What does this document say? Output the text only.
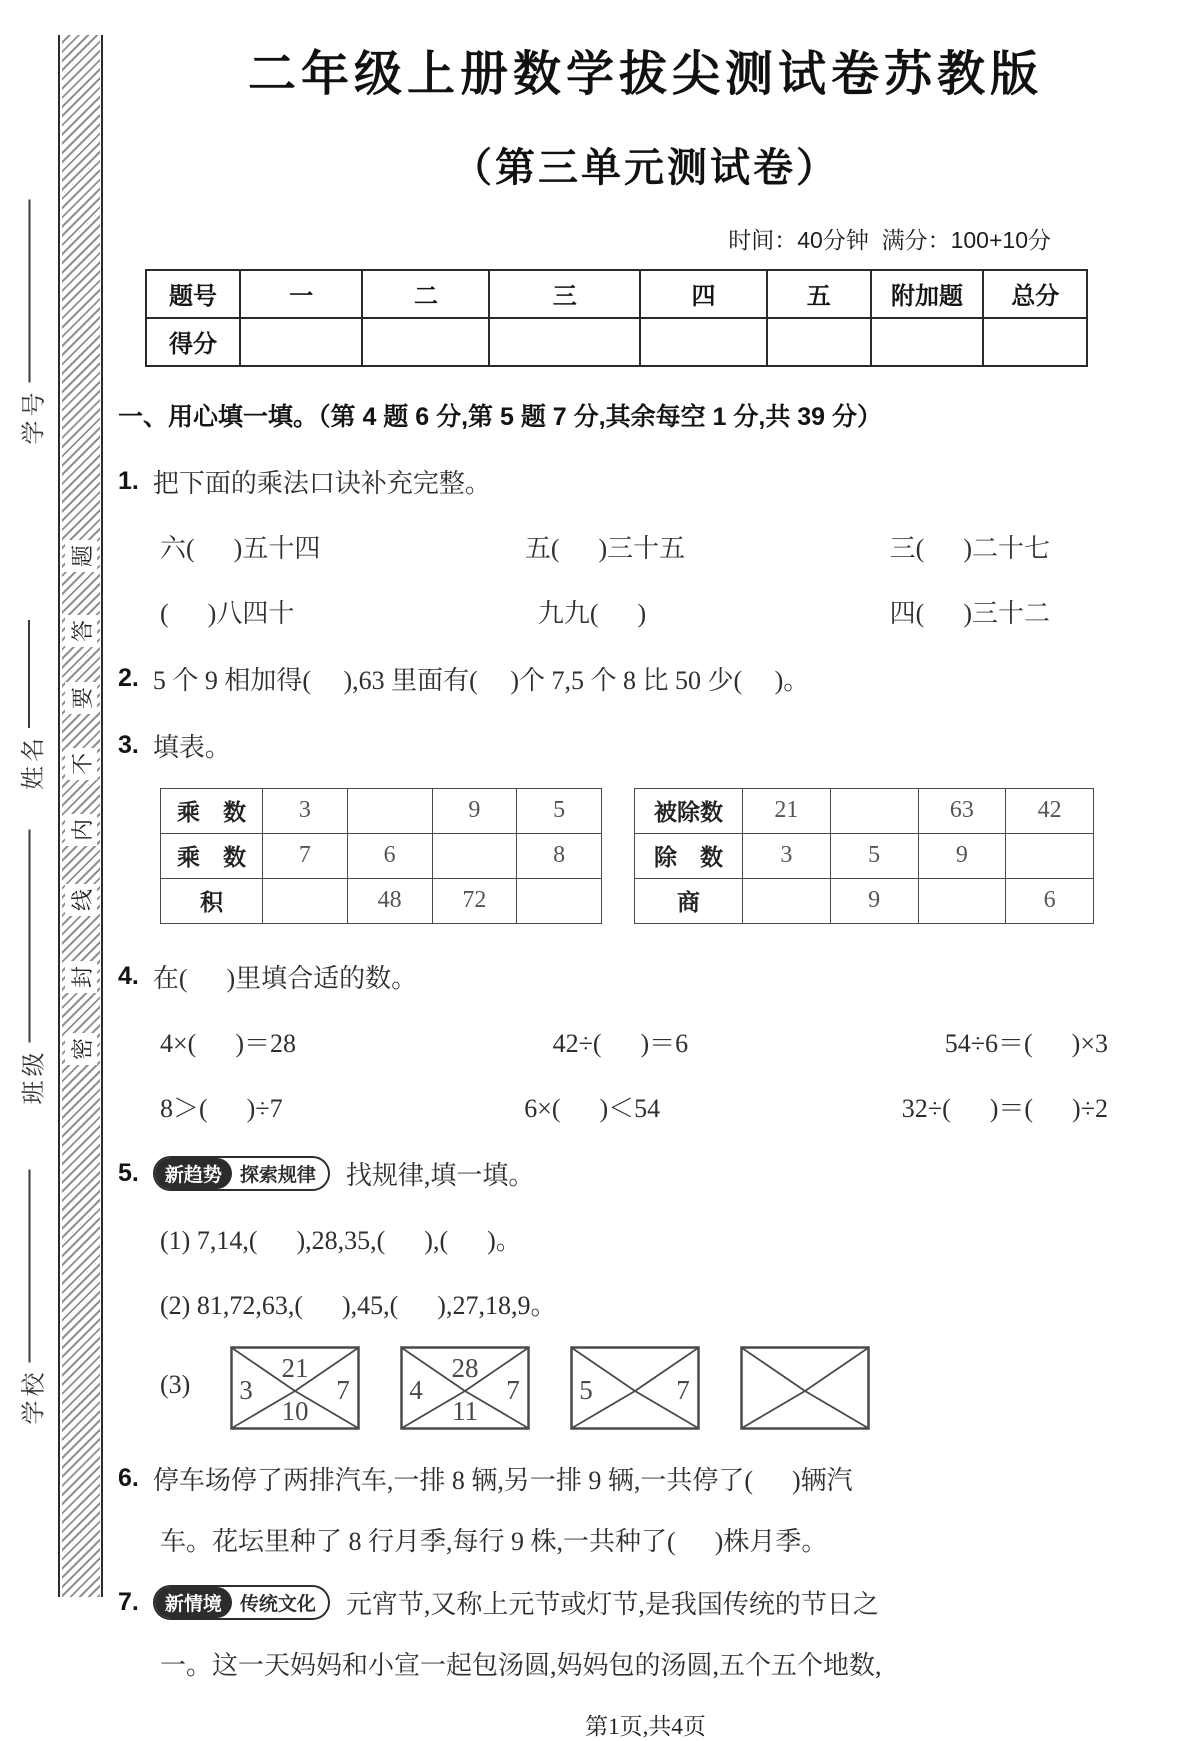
题
答
要
不
内
线
封
密
学号
姓名
班级
学校
二年级上册数学拔尖测试卷苏教版
（第三单元测试卷）
时间：40分钟  满分：100+10分
题号	一	二	三	四	五	附加题	总分
得分							
一、用心填一填。（第 4 题 6 分,第 5 题 7 分,其余每空 1 分,共 39 分）
1. 把下面的乘法口诀补充完整。
六(      )五十四	五(      )三十五	三(      )二十七
(      )八四十	九九(      )	四(      )三十二
2. 5 个 9 相加得(     ),63 里面有(     )个 7,5 个 8 比 50 少(     )。
3. 填表。
乘　数	3		9	5
乘　数	7	6		8
积		48	72	
被除数	21		63	42
除　数	3	5	9	
商		9		6
4. 在(      )里填合适的数。
4×(      )＝28	42÷(      )＝6	54÷6＝(      )×3
8＞(      )÷7	6×(      )＜54	32÷(      )＝(      )÷2
5.	新趋势 探索规律	找规律,填一填。
(1) 7,14,(      ),28,35,(      ),(      )。
(2) 81,72,63,(      ),45,(      ),27,18,9。
(3)
21
3	7
10
28
4	7
11
5	7
6. 停车场停了两排汽车,一排 8 辆,另一排 9 辆,一共停了(      )辆汽
车。花坛里种了 8 行月季,每行 9 株,一共种了(      )株月季。
7.	新情境 传统文化	元宵节,又称上元节或灯节,是我国传统的节日之
一。这一天妈妈和小宣一起包汤圆,妈妈包的汤圆,五个五个地数,
第1页,共4页
